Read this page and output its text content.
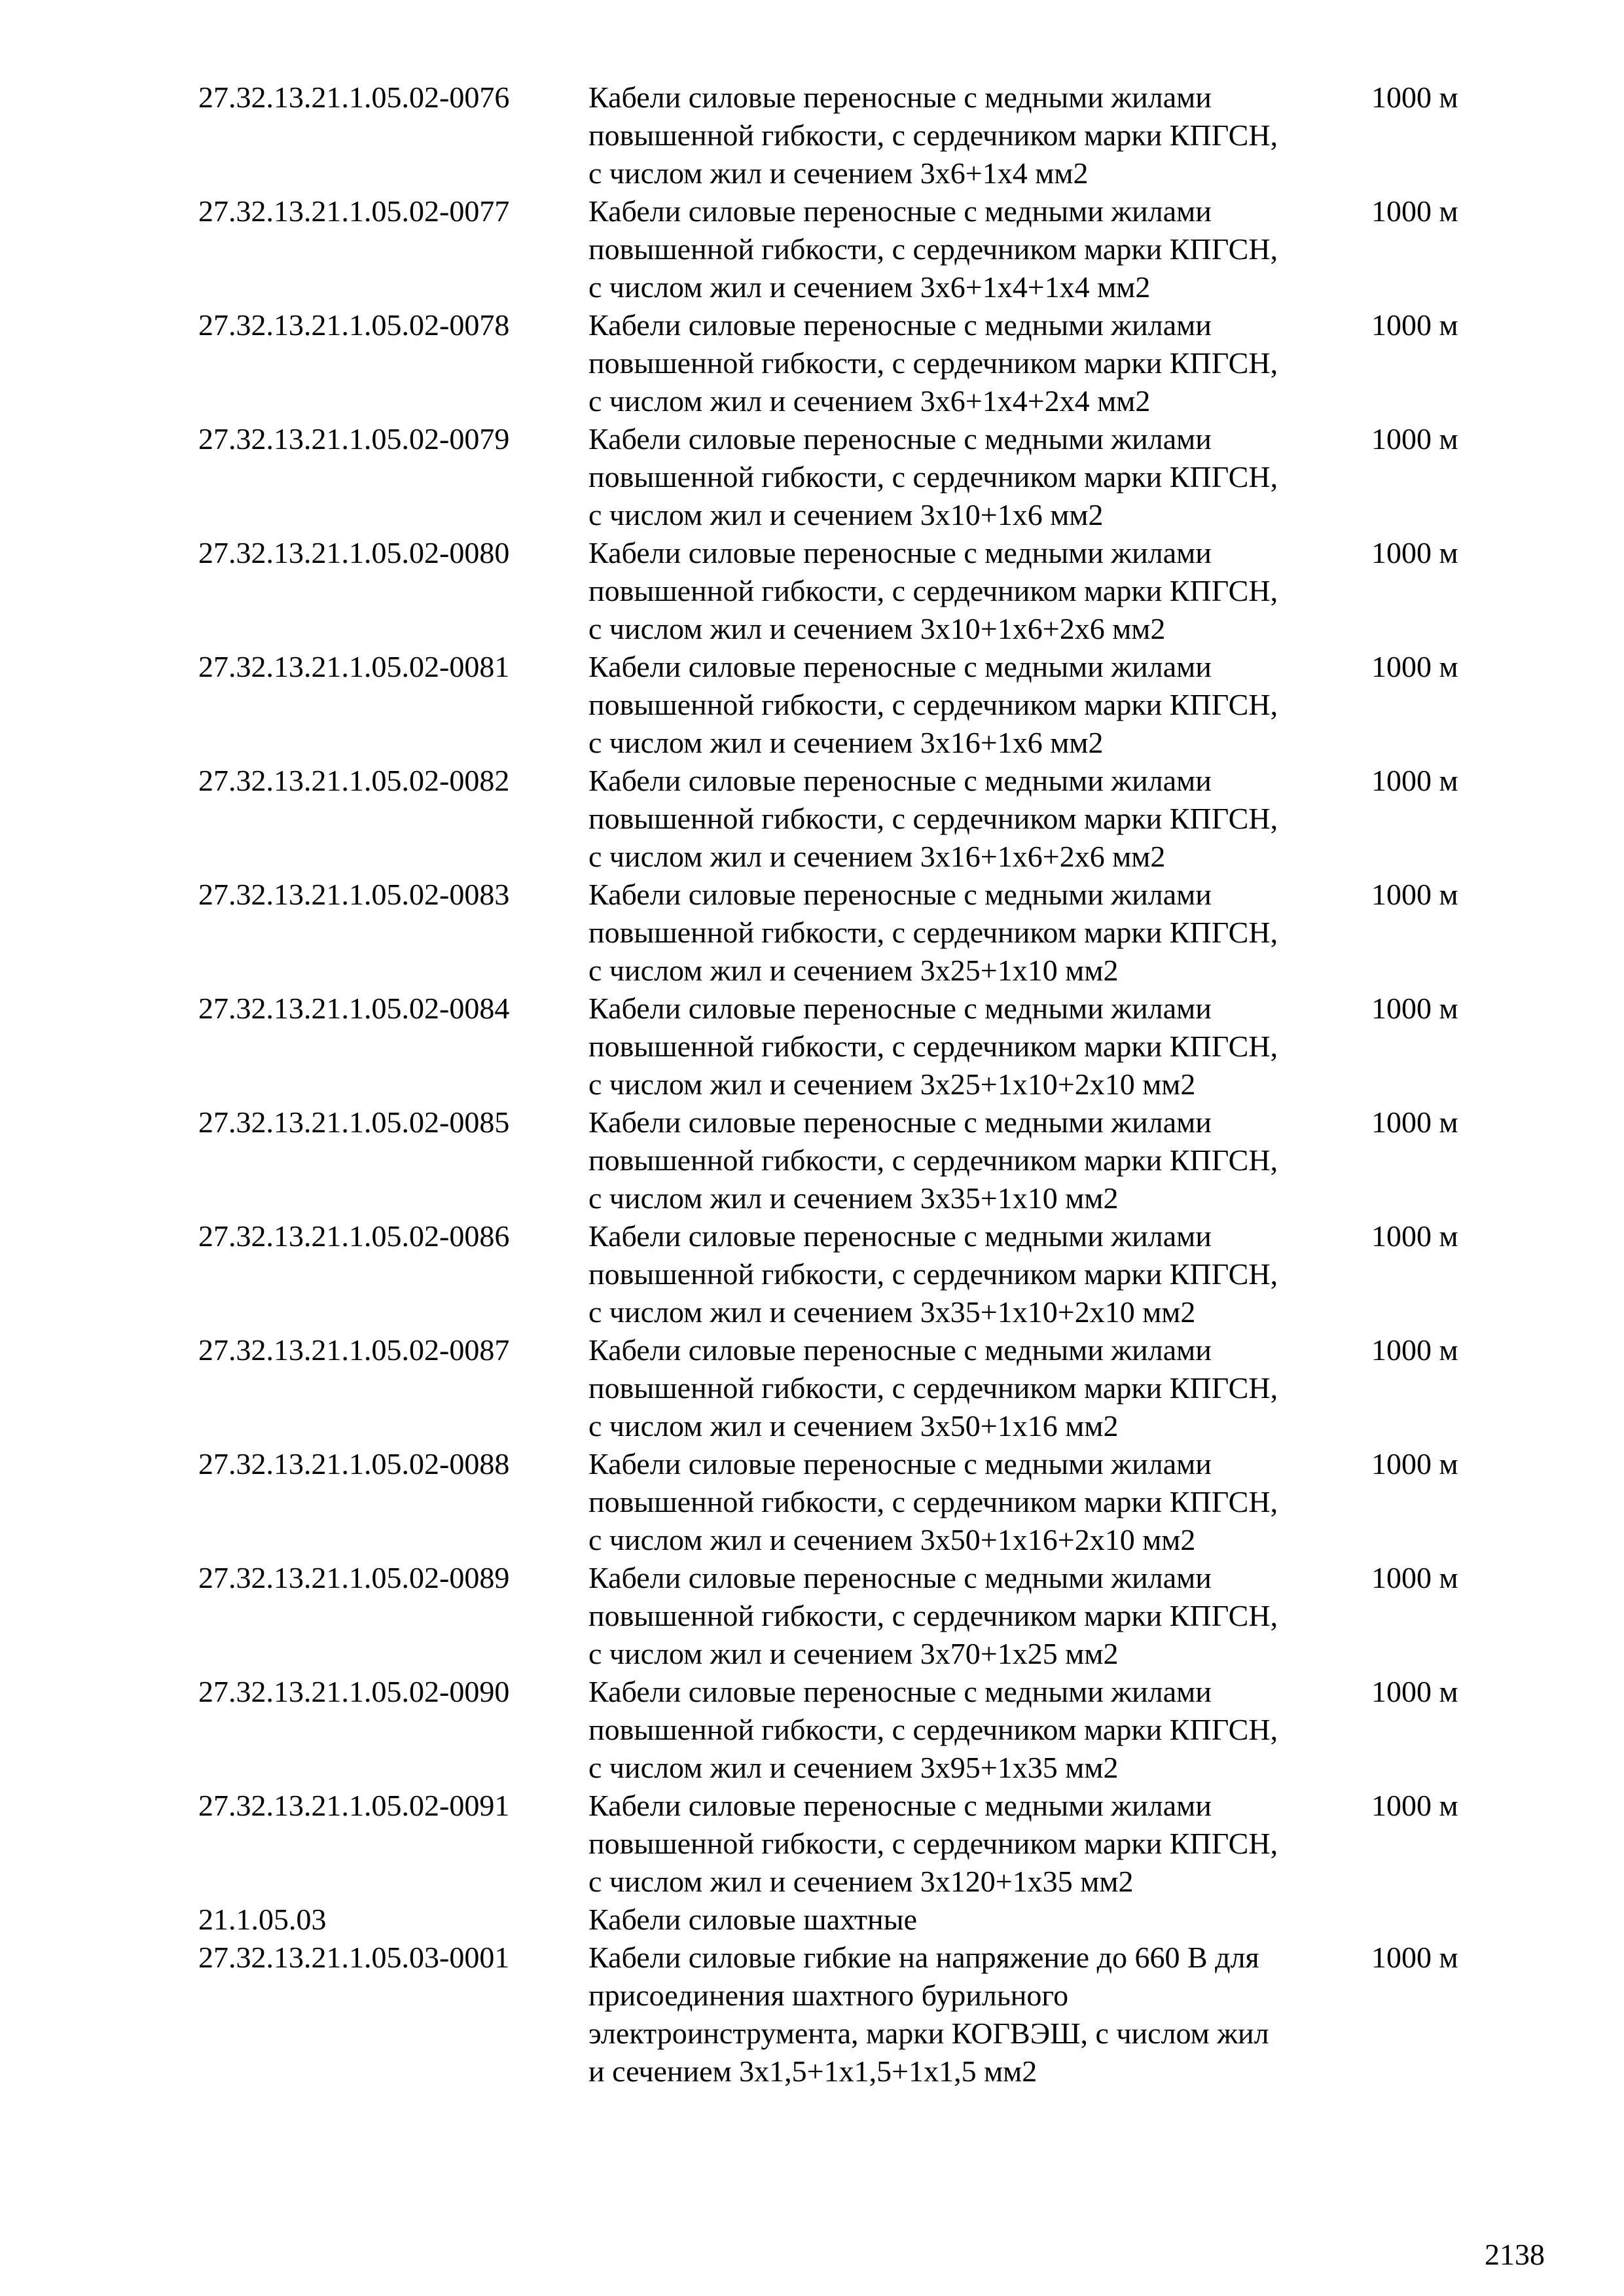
27.32.13.21.1.05.02-0076	Кабели силовые переносные с медными жилами
повышенной гибкости, с сердечником марки КПГСН,
с числом жил и сечением 3х6+1х4 мм2
1000 м
27.32.13.21.1.05.02-0077	Кабели силовые переносные с медными жилами
повышенной гибкости, с сердечником марки КПГСН,
с числом жил и сечением 3х6+1х4+1х4 мм2
1000 м
27.32.13.21.1.05.02-0078	Кабели силовые переносные с медными жилами
повышенной гибкости, с сердечником марки КПГСН,
с числом жил и сечением 3х6+1х4+2х4 мм2
1000 м
27.32.13.21.1.05.02-0079	Кабели силовые переносные с медными жилами
повышенной гибкости, с сердечником марки КПГСН,
с числом жил и сечением 3х10+1х6 мм2
1000 м
27.32.13.21.1.05.02-0080	Кабели силовые переносные с медными жилами
повышенной гибкости, с сердечником марки КПГСН,
с числом жил и сечением 3х10+1х6+2х6 мм2
1000 м
27.32.13.21.1.05.02-0081	Кабели силовые переносные с медными жилами
повышенной гибкости, с сердечником марки КПГСН,
с числом жил и сечением 3х16+1х6 мм2
1000 м
27.32.13.21.1.05.02-0082	Кабели силовые переносные с медными жилами
повышенной гибкости, с сердечником марки КПГСН,
с числом жил и сечением 3х16+1х6+2х6 мм2
1000 м
27.32.13.21.1.05.02-0083	Кабели силовые переносные с медными жилами
повышенной гибкости, с сердечником марки КПГСН,
с числом жил и сечением 3х25+1х10 мм2
1000 м
27.32.13.21.1.05.02-0084	Кабели силовые переносные с медными жилами
повышенной гибкости, с сердечником марки КПГСН,
с числом жил и сечением 3х25+1х10+2х10 мм2
1000 м
27.32.13.21.1.05.02-0085	Кабели силовые переносные с медными жилами
повышенной гибкости, с сердечником марки КПГСН,
с числом жил и сечением 3х35+1х10 мм2
1000 м
27.32.13.21.1.05.02-0086	Кабели силовые переносные с медными жилами
повышенной гибкости, с сердечником марки КПГСН,
с числом жил и сечением 3х35+1х10+2х10 мм2
1000 м
27.32.13.21.1.05.02-0087	Кабели силовые переносные с медными жилами
повышенной гибкости, с сердечником марки КПГСН,
с числом жил и сечением 3х50+1х16 мм2
1000 м
27.32.13.21.1.05.02-0088	Кабели силовые переносные с медными жилами
повышенной гибкости, с сердечником марки КПГСН,
с числом жил и сечением 3х50+1х16+2х10 мм2
1000 м
27.32.13.21.1.05.02-0089	Кабели силовые переносные с медными жилами
повышенной гибкости, с сердечником марки КПГСН,
с числом жил и сечением 3х70+1х25 мм2
1000 м
27.32.13.21.1.05.02-0090	Кабели силовые переносные с медными жилами
повышенной гибкости, с сердечником марки КПГСН,
с числом жил и сечением 3х95+1х35 мм2
1000 м
27.32.13.21.1.05.02-0091	Кабели силовые переносные с медными жилами
повышенной гибкости, с сердечником марки КПГСН,
с числом жил и сечением 3х120+1х35 мм2
1000 м
21.1.05.03	Кабели силовые шахтные
27.32.13.21.1.05.03-0001	Кабели силовые гибкие на напряжение до 660 В для
присоединения шахтного бурильного
электроинструмента, марки КОГВЭШ, с числом жил
и сечением 3х1,5+1х1,5+1х1,5 мм2
1000 м
2138
